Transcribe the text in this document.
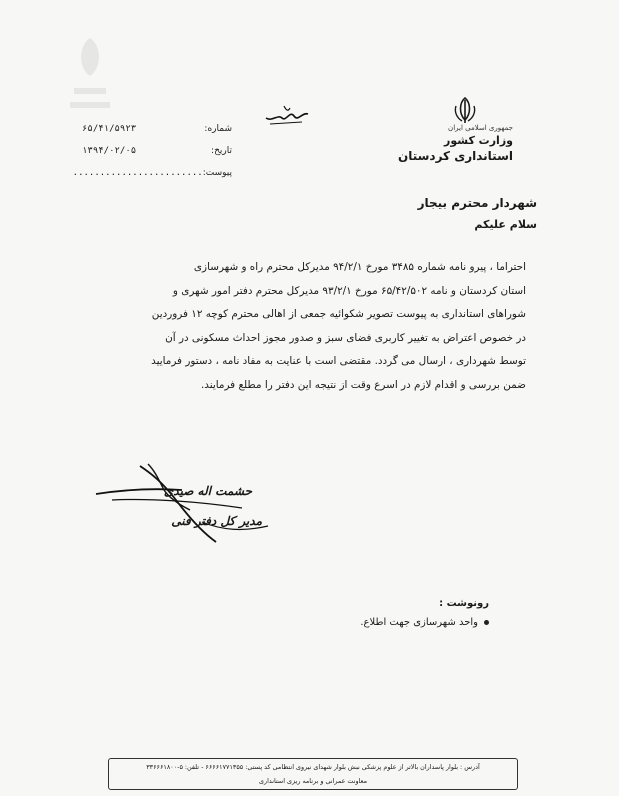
جمهوری اسلامی ایران

وزارت کشور

استانداری کردستان

شماره:
۶۵/۴۱/۵۹۲۳
تاریخ:
۱۳۹۴/۰۲/۰۵
پیوست:
........................

شهردار محترم بیجار

سلام علیکم

احتراما ، پیرو نامه شماره ۳۴۸۵ مورخ ۹۴/۲/۱ مدیرکل محترم راه و شهرسازی
استان کردستان و نامه ۶۵/۴۲/۵۰۲ مورخ ۹۳/۲/۱ مدیرکل محترم دفتر امور شهری و
شوراهای استانداری به پیوست تصویر شکوائیه جمعی از اهالی محترم کوچه ۱۲ فروردین
در خصوص اعتراض به تغییر کاربری فضای سبز و صدور مجوز احداث مسکونی در آن
توسط شهرداری ، ارسال می گردد. مقتضی است با عنایت به مفاد نامه ، دستور فرمایید
ضمن بررسی و اقدام لازم در اسرع وقت از نتیجه این دفتر را مطلع فرمایند.
حشمت اله صیدی
مدیر کل دفتر فنی

رونوشت :

واحد شهرسازی جهت اطلاع.

آدرس : بلوار پاسداران بالاتر از علوم پزشکی نبش بلوار شهدای نیروی انتظامی کد پستی: ۶۶۶۶۱۷۷۱۳۵۵ - تلفن: ۵-۳۳۶۶۶۱۸۰۰

معاونت عمرانی و برنامه ریزی استانداری
